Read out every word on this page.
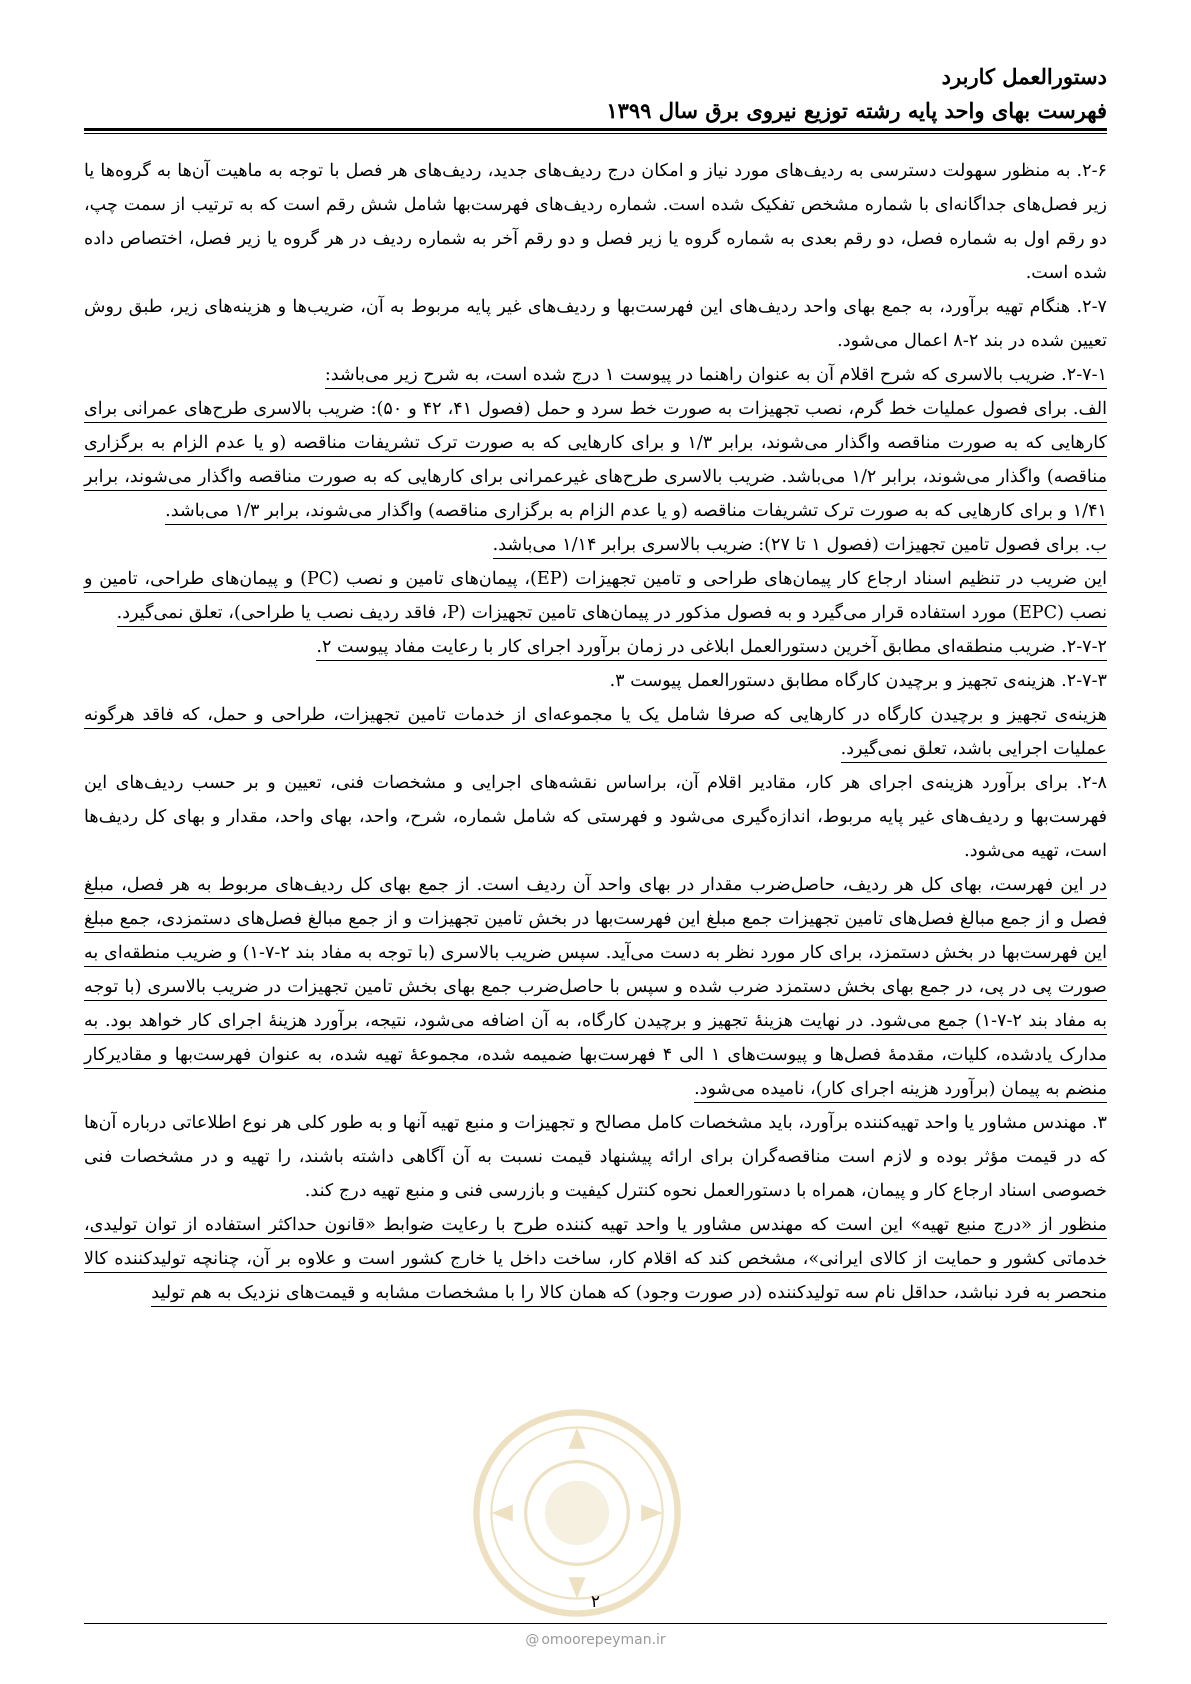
دستورالعمل کاربرد
فهرست بهای واحد پایه رشته توزیع نیروی برق سال ۱۳۹۹

۲-۶. به منظور سهولت دسترسی به ردیف‌های مورد نیاز و امکان درج ردیف‌های جدید، ردیف‌های هر فصل با توجه به ماهیت آن‌ها به گروه‌ها یا زیر فصل‌های جداگانه‌ای با شماره مشخص تفکیک شده است. شماره ردیف‌های فهرست‌بها شامل شش رقم است که به ترتیب از سمت چپ، دو رقم اول به شماره فصل، دو رقم بعدی به شماره گروه یا زیر فصل و دو رقم آخر به شماره ردیف در هر گروه یا زیر فصل، اختصاص داده شده است.

۲-۷. هنگام تهیه برآورد، به جمع بهای واحد ردیف‌های این فهرست‌بها و ردیف‌های غیر پایه مربوط به آن، ضریب‌ها و هزینه‌های زیر، طبق روش تعیین شده در بند ۲-۸ اعمال می‌شود.

۲-۷-۱. ضریب بالاسری که شرح اقلام آن به عنوان راهنما در پیوست ۱ درج شده است، به شرح زیر می‌باشد:

الف. برای فصول عملیات خط گرم، نصب تجهیزات به صورت خط سرد و حمل (فصول ۴۱، ۴۲ و ۵۰): ضریب بالاسری طرح‌های عمرانی برای کارهایی که به صورت مناقصه واگذار می‌شوند، برابر ۱/۳ و برای کارهایی که به صورت ترک تشریفات مناقصه (و یا عدم الزام به برگزاری مناقصه) واگذار می‌شوند، برابر ۱/۲ می‌باشد. ضریب بالاسری طرح‌های غیرعمرانی برای کارهایی که به صورت مناقصه واگذار می‌شوند، برابر ۱/۴۱ و برای کارهایی که به صورت ترک تشریفات مناقصه (و یا عدم الزام به برگزاری مناقصه) واگذار می‌شوند، برابر ۱/۳ می‌باشد.

ب. برای فصول تامین تجهیزات (فصول ۱ تا ۲۷): ضریب بالاسری برابر ۱/۱۴ می‌باشد.

این ضریب در تنظیم اسناد ارجاع کار پیمان‌های طراحی و تامین تجهیزات (EP)، پیمان‌های تامین و نصب (PC) و پیمان‌های طراحی، تامین و نصب (EPC) مورد استفاده قرار می‌گیرد و به فصول مذکور در پیمان‌های تامین تجهیزات (P، فاقد ردیف نصب یا طراحی)، تعلق نمی‌گیرد.

۲-۷-۲. ضریب منطقه‌ای مطابق آخرین دستورالعمل ابلاغی در زمان برآورد اجرای کار با رعایت مفاد پیوست ۲.

۲-۷-۳. هزینه‌ی تجهیز و برچیدن کارگاه مطابق دستورالعمل پیوست ۳.

هزینه‌ی تجهیز و برچیدن کارگاه در کارهایی که صرفا شامل یک یا مجموعه‌ای از خدمات تامین تجهیزات، طراحی و حمل، که فاقد هرگونه عملیات اجرایی باشد، تعلق نمی‌گیرد.

۲-۸. برای برآورد هزینه‌ی اجرای هر کار، مقادیر اقلام آن، براساس نقشه‌های اجرایی و مشخصات فنی، تعیین و بر حسب ردیف‌های این فهرست‌بها و ردیف‌های غیر پایه مربوط، اندازه‌گیری می‌شود و فهرستی که شامل شماره، شرح، واحد، بهای واحد، مقدار و بهای کل ردیف‌ها است، تهیه می‌شود.

در این فهرست، بهای کل هر ردیف، حاصل‌ضرب مقدار در بهای واحد آن ردیف است. از جمع بهای کل ردیف‌های مربوط به هر فصل، مبلغ فصل و از جمع مبالغ فصل‌های تامین تجهیزات جمع مبلغ این فهرست‌بها در بخش تامین تجهیزات و از جمع مبالغ فصل‌های دستمزدی، جمع مبلغ این فهرست‌بها در بخش دستمزد، برای کار مورد نظر به دست می‌آید. سپس ضریب بالاسری (با توجه به مفاد بند ۲-۷-۱) و ضریب منطقه‌ای به صورت پی در پی، در جمع بهای بخش دستمزد ضرب شده و سپس با حاصل‌ضرب جمع بهای بخش تامین تجهیزات در ضریب بالاسری (با توجه به مفاد بند ۲-۷-۱) جمع می‌شود. در نهایت هزینهٔ تجهیز و برچیدن کارگاه، به آن اضافه می‌شود، نتیجه، برآورد هزینهٔ اجرای کار خواهد بود. به مدارک یادشده، کلیات، مقدمهٔ فصل‌ها و پیوست‌های ۱ الی ۴ فهرست‌بها ضمیمه شده، مجموعهٔ تهیه شده، به عنوان فهرست‌بها و مقادیرکار منضم به پیمان (برآورد هزینه اجرای کار)، نامیده می‌شود.

۳. مهندس مشاور یا واحد تهیه‌کننده برآورد، باید مشخصات کامل مصالح و تجهیزات و منبع تهیه آنها و به طور کلی هر نوع اطلاعاتی درباره آن‌ها که در قیمت مؤثر بوده و لازم است مناقصه‌گران برای ارائه پیشنهاد قیمت نسبت به آن آگاهی داشته باشند، را تهیه و در مشخصات فنی خصوصی اسناد ارجاع کار و پیمان، همراه با دستورالعمل نحوه کنترل کیفیت و بازرسی فنی و منبع تهیه درج کند.

منظور از «درج منبع تهیه» این است که مهندس مشاور یا واحد تهیه کننده طرح با رعایت ضوابط «قانون حداکثر استفاده از توان تولیدی، خدماتی کشور و حمایت از کالای ایرانی»، مشخص کند که اقلام کار، ساخت داخل یا خارج کشور است و علاوه بر آن، چنانچه تولیدکننده کالا منحصر به فرد نباشد، حداقل نام سه تولیدکننده (در صورت وجود) که همان کالا را با مشخصات مشابه و قیمت‌های نزدیک به هم تولید

۲
@ omoorepeyman.ir
